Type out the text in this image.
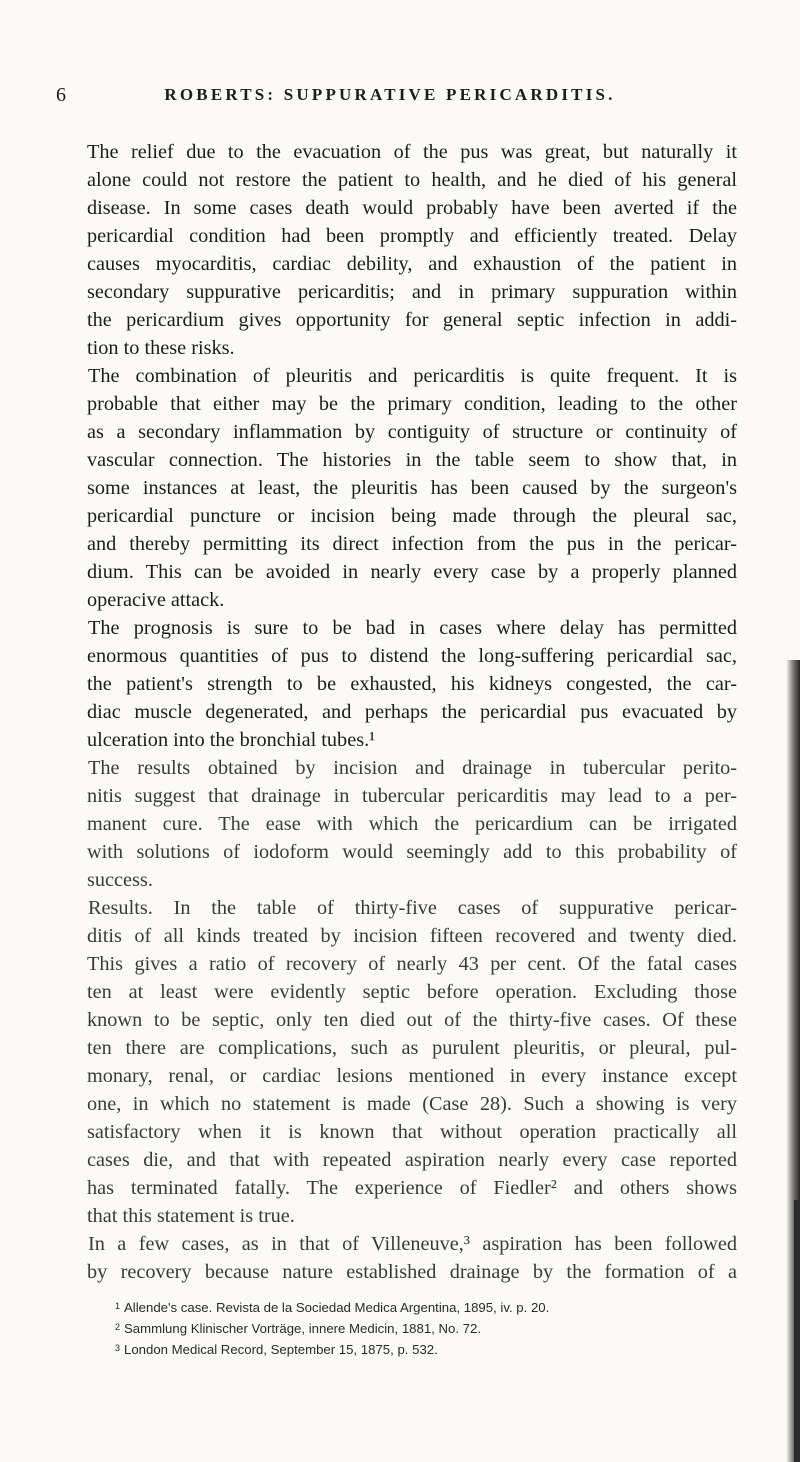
6	ROBERTS: SUPPURATIVE PERICARDITIS.
The relief due to the evacuation of the pus was great, but naturally it
alone could not restore the patient to health, and he died of his general
disease. In some cases death would probably have been averted if the
pericardial condition had been promptly and efficiently treated. Delay
causes myocarditis, cardiac debility, and exhaustion of the patient in
secondary suppurative pericarditis; and in primary suppuration within
the pericardium gives opportunity for general septic infection in addi-
tion to these risks.
The combination of pleuritis and pericarditis is quite frequent. It is
probable that either may be the primary condition, leading to the other
as a secondary inflammation by contiguity of structure or continuity of
vascular connection. The histories in the table seem to show that, in
some instances at least, the pleuritis has been caused by the surgeon's
pericardial puncture or incision being made through the pleural sac,
and thereby permitting its direct infection from the pus in the pericar-
dium. This can be avoided in nearly every case by a properly planned
operacive attack.
The prognosis is sure to be bad in cases where delay has permitted
enormous quantities of pus to distend the long-suffering pericardial sac,
the patient's strength to be exhausted, his kidneys congested, the car-
diac muscle degenerated, and perhaps the pericardial pus evacuated by
ulceration into the bronchial tubes.¹
The results obtained by incision and drainage in tubercular perito-
nitis suggest that drainage in tubercular pericarditis may lead to a per-
manent cure. The ease with which the pericardium can be irrigated
with solutions of iodoform would seemingly add to this probability of
success.
Results. In the table of thirty-five cases of suppurative pericar-
ditis of all kinds treated by incision fifteen recovered and twenty died.
This gives a ratio of recovery of nearly 43 per cent. Of the fatal cases
ten at least were evidently septic before operation. Excluding those
known to be septic, only ten died out of the thirty-five cases. Of these
ten there are complications, such as purulent pleuritis, or pleural, pul-
monary, renal, or cardiac lesions mentioned in every instance except
one, in which no statement is made (Case 28). Such a showing is very
satisfactory when it is known that without operation practically all
cases die, and that with repeated aspiration nearly every case reported
has terminated fatally. The experience of Fiedler² and others shows
that this statement is true.
In a few cases, as in that of Villeneuve,³ aspiration has been followed
by recovery because nature established drainage by the formation of a
$^1$ Allende's case. Revista de la Sociedad Medica Argentina, 1895, iv. p. 20.
$^2$ Sammlung Klinischer Vorträge, innere Medicin, 1881, No. 72.
$^3$ London Medical Record, September 15, 1875, p. 532.
